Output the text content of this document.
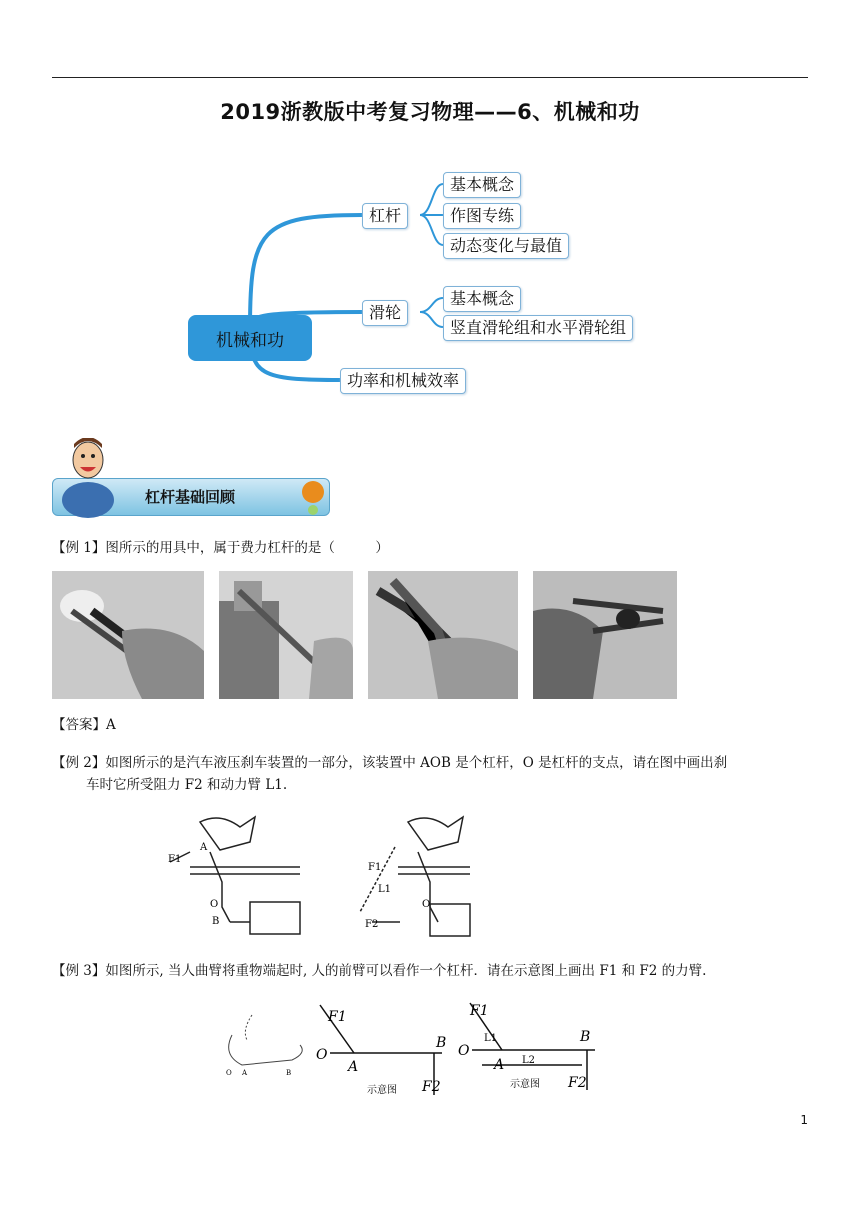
2019浙教版中考复习物理——6、机械和功
机械和功
杠杆
基本概念
作图专练
动态变化与最值
滑轮
基本概念
竖直滑轮组和水平滑轮组
功率和机械效率
杠杆基础回顾
【例 1】图所示的用具中，属于费力杠杆的是（　　　）
【答案】A
【例 2】如图所示的是汽车液压刹车装置的一部分，该装置中 AOB 是个杠杆，O 是杠杆的支点，请在图中画出刹
车时它所受阻力 F2 和动力臂 L1.
F1
A
O
B
F1
L1
O
F2
【例 3】如图所示, 当人曲臂将重物端起时, 人的前臂可以看作一个杠杆．请在示意图上画出 F1 和 F2 的力臂.
O A	B
F1
O
A
B
F2
F1
O
A
B
F2
示意图
示意图
L1
L2
1
